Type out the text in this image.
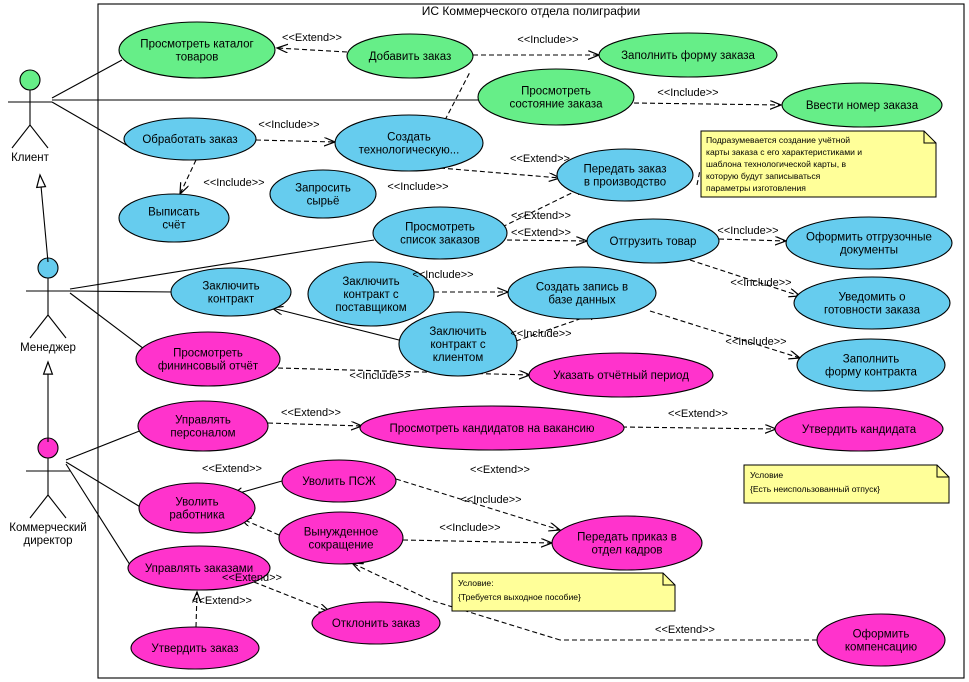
ИС Коммерческого отдела полиграфии
Клиент
Менеджер
Коммерческий
директор
Подразумевается создание учётной
карты заказа с его характеристиками и
шаблона технологической карты, в
которую будут записываться
параметры изготовления
Условие
{Есть неиспользованный отпуск}
Условие:
{Требуется выходное пособие}
Просмотреть каталог
товаров	Добавить заказ	Заполнить форму заказа
Просмотреть
состояние заказа	Ввести номер заказа
Обработать заказ	Создать
технологическую...
Передать заказ
в производство
Запросить
сырьё
Выписать
счёт	Просмотреть
список заказов	Отгрузить товар	Оформить отгрузочные
документы
Заключить
контракт
Заключить
контракт с
поставщиком
Создать запись в
базе данных	Уведомить о
готовности заказа
Заключить
контракт с
клиентом
Просмотреть
фининсовый отчёт
Заполнить
форму контракта
Указать отчётный период
Управлять
персоналом	Просмотреть кандидатов на вакансию	Утвердить кандидата
Уволить ПСЖ
Уволить
работника
Вынужденное
сокращение
Передать приказ в
отдел кадров
Управлять заказами
Отклонить заказ
Утвердить заказ
Оформить
компенсацию
<<Extend>>	<<Include>>
<<Include>>
<<Include>>
<<Extend>>
<<Include>>	<<Include>>
<<Extend>>
<<Extend>>	<<Include>>
<<Include>>
<<Include>>
<<Include>>
<<Include>>
<<Include>>
<<Extend>>	<<Extend>>
<<Extend>>	<<Extend>>
<<Include>>
<<Include>>
<<Extend>>
<<Extend>>
<<Extend>>
